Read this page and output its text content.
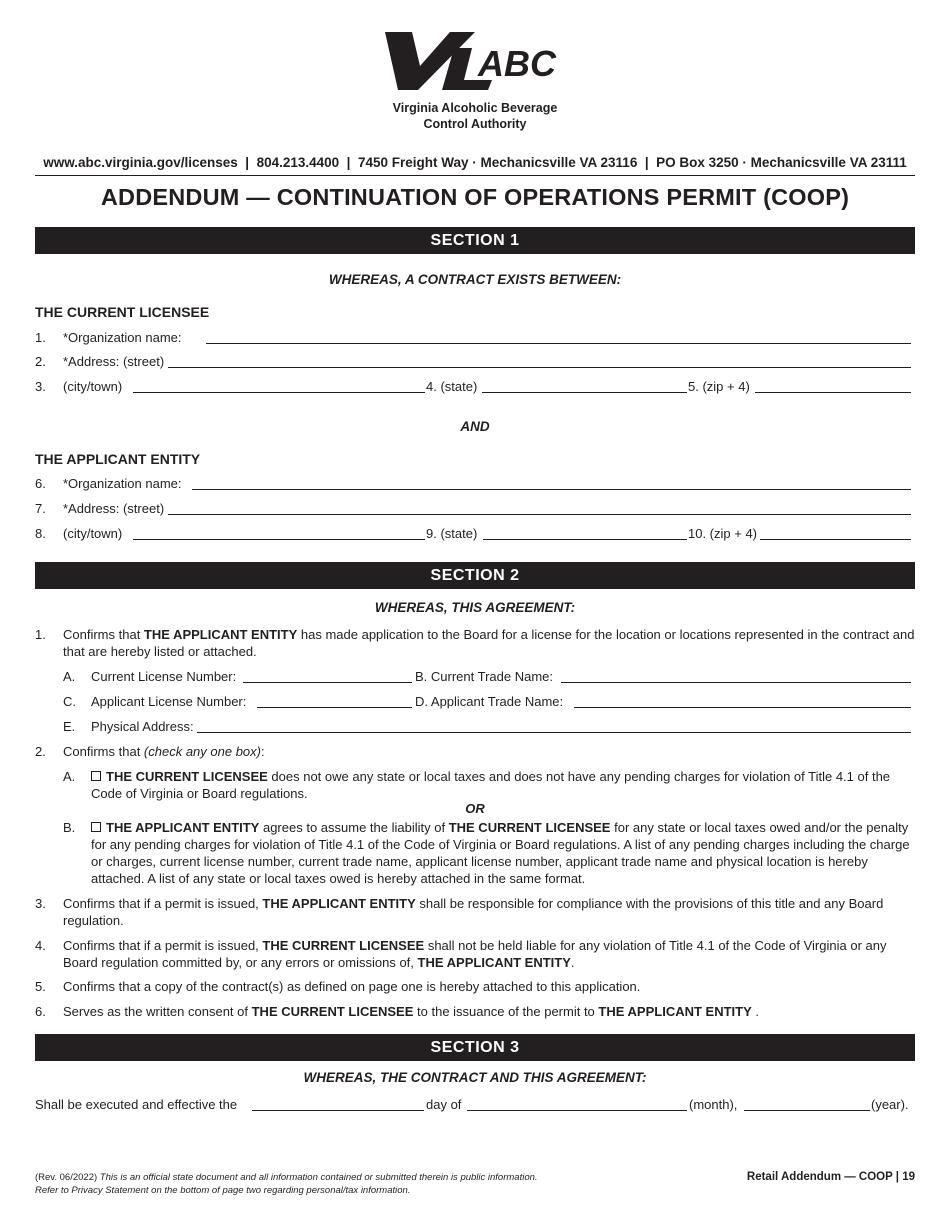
ABC
Virginia Alcoholic Beverage
Control Authority
www.abc.virginia.gov/licenses  |  804.213.4400  |  7450 Freight Way · Mechanicsville VA 23116  |  PO Box 3250 · Mechanicsville VA 23111
ADDENDUM — CONTINUATION OF OPERATIONS PERMIT (COOP)
SECTION 1
WHEREAS, A CONTRACT EXISTS BETWEEN:
THE CURRENT LICENSEE
1. *Organization name:
2. *Address: (street)
3. (city/town)	4. (state)	5. (zip + 4)
AND
THE APPLICANT ENTITY
6. *Organization name:
7. *Address: (street)
8. (city/town)	9. (state)	10. (zip + 4)
SECTION 2
WHEREAS, THIS AGREEMENT:
1. Confirms that THE APPLICANT ENTITY has made application to the Board for a license for the location or locations represented in the contract and that are hereby listed or attached.
A. Current License Number:	B. Current Trade Name:
C. Applicant License Number:	D. Applicant Trade Name:
E. Physical Address:
2. Confirms that (check any one box):
A.	THE CURRENT LICENSEE does not owe any state or local taxes and does not have any pending charges for violation of Title 4.1 of the Code of Virginia or Board regulations.
OR
B.	THE APPLICANT ENTITY agrees to assume the liability of THE CURRENT LICENSEE for any state or local taxes owed and/or the penalty for any pending charges for violation of Title 4.1 of the Code of Virginia or Board regulations. A list of any pending charges including the charge or charges, current license number, current trade name, applicant license number, applicant trade name and physical location is hereby attached. A list of any state or local taxes owed is hereby attached in the same format.
3. Confirms that if a permit is issued, THE APPLICANT ENTITY shall be responsible for compliance with the provisions of this title and any Board regulation.
4. Confirms that if a permit is issued, THE CURRENT LICENSEE shall not be held liable for any violation of Title 4.1 of the Code of Virginia or any Board regulation committed by, or any errors or omissions of, THE APPLICANT ENTITY.
5. Confirms that a copy of the contract(s) as defined on page one is hereby attached to this application.
6. Serves as the written consent of THE CURRENT LICENSEE to the issuance of the permit to THE APPLICANT ENTITY .
SECTION 3
WHEREAS, THE CONTRACT AND THIS AGREEMENT:
Shall be executed and effective the	day of	(month),	(year).
(Rev. 06/2022) This is an official state document and all information contained or submitted therein is public information.
Refer to Privacy Statement on the bottom of page two regarding personal/tax information.
Retail Addendum — COOP | 19
